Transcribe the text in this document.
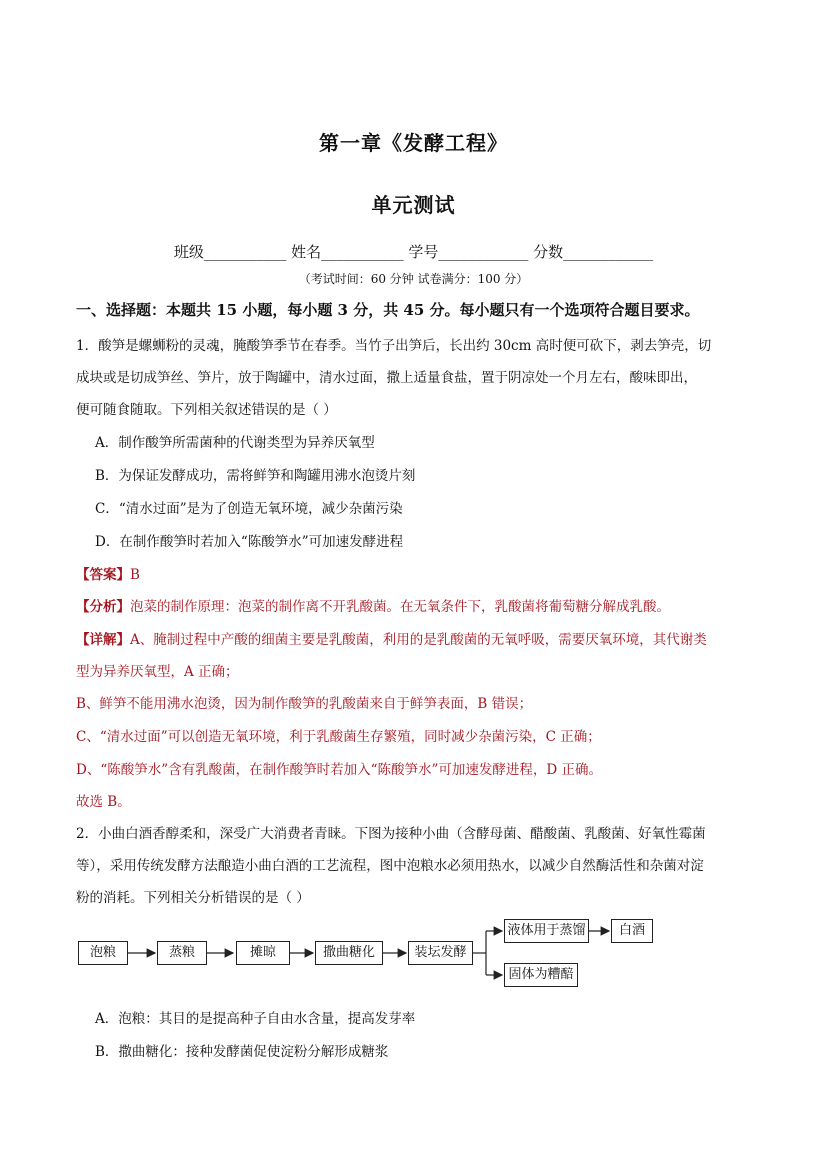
第一章《发酵工程》
单元测试
班级___________ 姓名___________ 学号____________ 分数____________
（考试时间：60 分钟 试卷满分：100 分）
一、选择题：本题共 15 小题，每小题 3 分，共 45 分。每小题只有一个选项符合题目要求。
1．酸笋是螺蛳粉的灵魂，腌酸笋季节在春季。当竹子出笋后，长出约 30cm 高时便可砍下，剥去笋壳，切
成块或是切成笋丝、笋片，放于陶罐中，清水过面，撒上适量食盐，置于阴凉处一个月左右，酸味即出，
便可随食随取。下列相关叙述错误的是（ ）
A．制作酸笋所需菌种的代谢类型为异养厌氧型
B．为保证发酵成功，需将鲜笋和陶罐用沸水泡烫片刻
C．“清水过面”是为了创造无氧环境，减少杂菌污染
D．在制作酸笋时若加入“陈酸笋水”可加速发酵进程
【答案】B
【分析】泡菜的制作原理：泡菜的制作离不开乳酸菌。在无氧条件下，乳酸菌将葡萄糖分解成乳酸。
【详解】A、腌制过程中产酸的细菌主要是乳酸菌，利用的是乳酸菌的无氧呼吸，需要厌氧环境，其代谢类
型为异养厌氧型，A 正确；
B、鲜笋不能用沸水泡烫，因为制作酸笋的乳酸菌来自于鲜笋表面，B 错误；
C、“清水过面”可以创造无氧环境，利于乳酸菌生存繁殖，同时减少杂菌污染，C 正确；
D、“陈酸笋水”含有乳酸菌，在制作酸笋时若加入“陈酸笋水”可加速发酵进程，D 正确。
故选 B。
2．小曲白酒香醇柔和，深受广大消费者青睐。下图为接种小曲（含酵母菌、醋酸菌、乳酸菌、好氧性霉菌
等），采用传统发酵方法酿造小曲白酒的工艺流程，图中泡粮水必须用热水，以减少自然酶活性和杂菌对淀
粉的消耗。下列相关分析错误的是（ ）
泡粮	蒸粮	摊晾	撒曲糖化	装坛发酵
液体用于蒸馏
固体为糟醅
白酒
A．泡粮：其目的是提高种子自由水含量，提高发芽率
B．撒曲糖化：接种发酵菌促使淀粉分解形成糖浆
